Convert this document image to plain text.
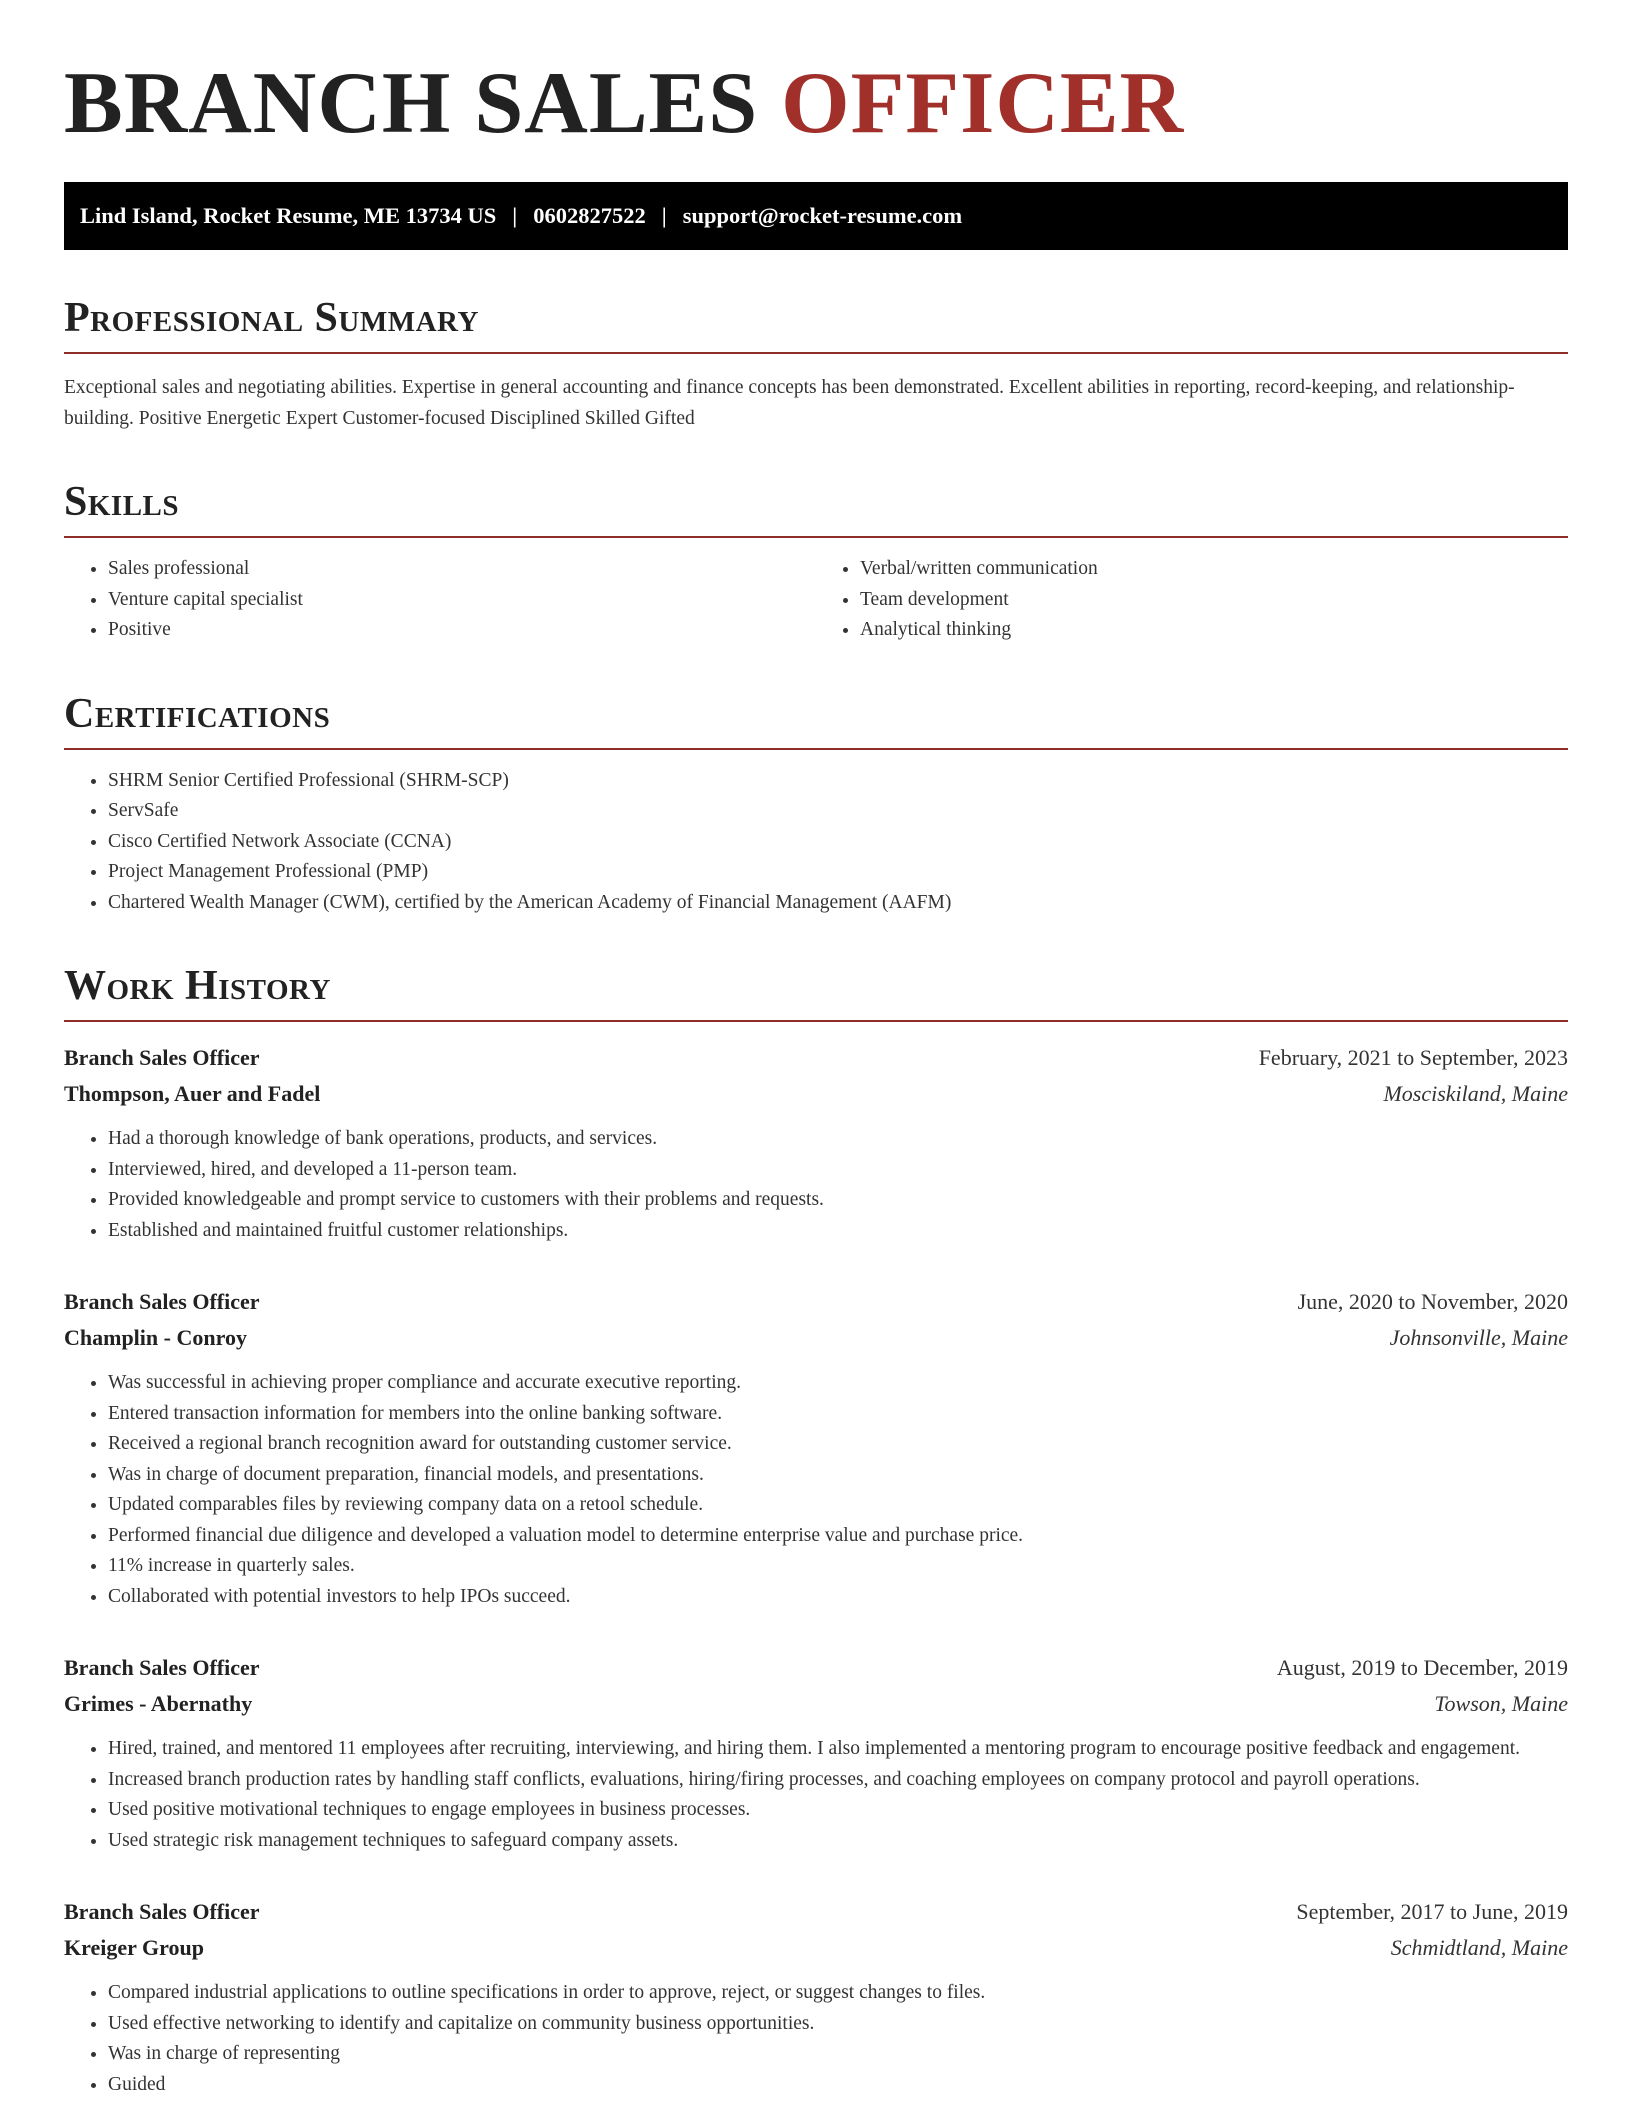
BRANCH SALES OFFICER
Lind Island, Rocket Resume, ME 13734 US | 0602827522 | support@rocket-resume.com
Professional Summary

Exceptional sales and negotiating abilities. Expertise in general accounting and finance concepts has been demonstrated. Excellent abilities in reporting, record-keeping, and relationship-building. Positive Energetic Expert Customer-focused Disciplined Skilled Gifted

Skills
• Sales professional
• Venture capital specialist
• Positive
• Verbal/written communication
• Team development
• Analytical thinking
Certifications
• SHRM Senior Certified Professional (SHRM-SCP)
• ServSafe
• Cisco Certified Network Associate (CCNA)
• Project Management Professional (PMP)
• Chartered Wealth Manager (CWM), certified by the American Academy of Financial Management (AAFM)
Work History
Branch Sales Officer	February, 2021 to September, 2023
Thompson, Auer and Fadel	Mosciskiland, Maine
• Had a thorough knowledge of bank operations, products, and services.
• Interviewed, hired, and developed a 11-person team.
• Provided knowledgeable and prompt service to customers with their problems and requests.
• Established and maintained fruitful customer relationships.
Branch Sales Officer	June, 2020 to November, 2020
Champlin - Conroy	Johnsonville, Maine
• Was successful in achieving proper compliance and accurate executive reporting.
• Entered transaction information for members into the online banking software.
• Received a regional branch recognition award for outstanding customer service.
• Was in charge of document preparation, financial models, and presentations.
• Updated comparables files by reviewing company data on a retool schedule.
• Performed financial due diligence and developed a valuation model to determine enterprise value and purchase price.
• 11% increase in quarterly sales.
• Collaborated with potential investors to help IPOs succeed.
Branch Sales Officer	August, 2019 to December, 2019
Grimes - Abernathy	Towson, Maine
• Hired, trained, and mentored 11 employees after recruiting, interviewing, and hiring them. I also implemented a mentoring program to encourage positive feedback and engagement.
• Increased branch production rates by handling staff conflicts, evaluations, hiring/firing processes, and coaching employees on company protocol and payroll operations.
• Used positive motivational techniques to engage employees in business processes.
• Used strategic risk management techniques to safeguard company assets.
Branch Sales Officer	September, 2017 to June, 2019
Kreiger Group	Schmidtland, Maine
• Compared industrial applications to outline specifications in order to approve, reject, or suggest changes to files.
• Used effective networking to identify and capitalize on community business opportunities.
• Was in charge of representing
• Guided
